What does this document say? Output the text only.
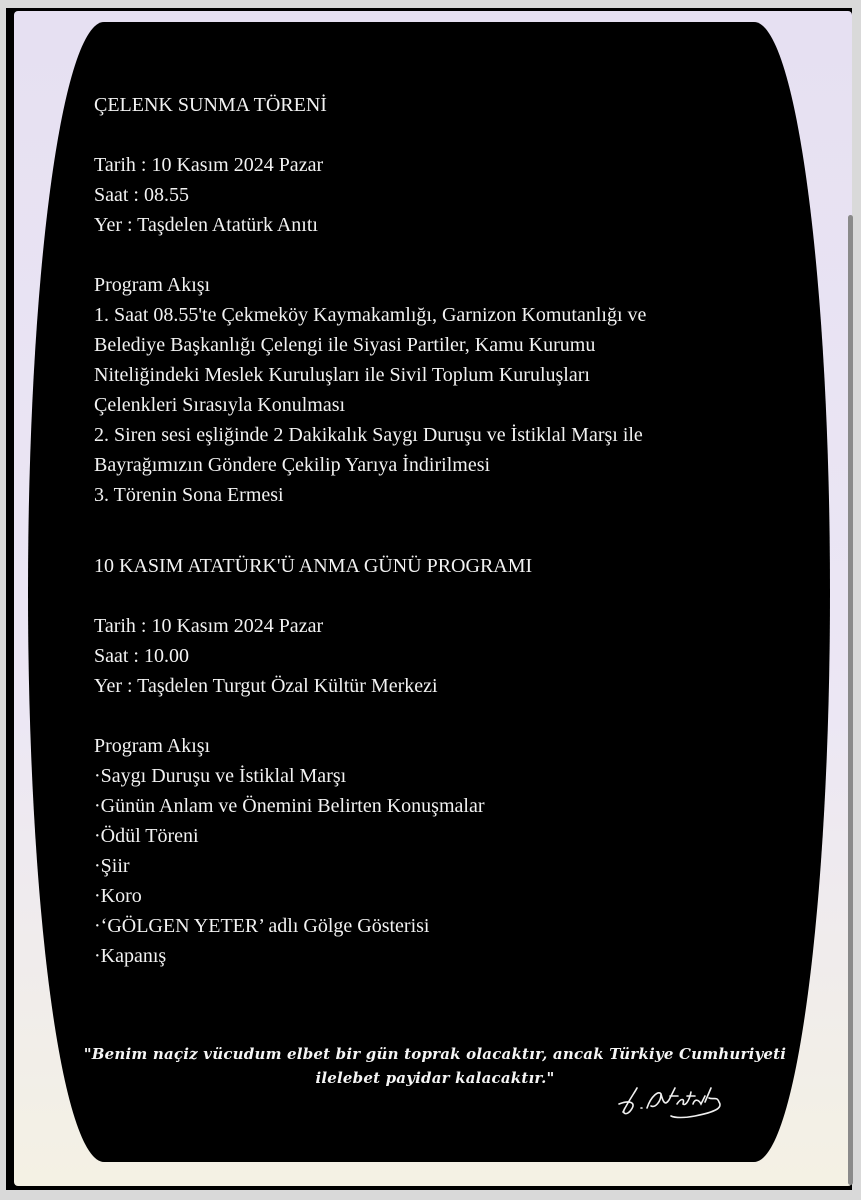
ÇELENK SUNMA TÖRENİ
Tarih : 10 Kasım 2024 Pazar
Saat : 08.55
Yer : Taşdelen Atatürk Anıtı
Program Akışı
1. Saat 08.55'te Çekmeköy Kaymakamlığı, Garnizon Komutanlığı ve
Belediye Başkanlığı Çelengi ile Siyasi Partiler, Kamu Kurumu
Niteliğindeki Meslek Kuruluşları ile Sivil Toplum Kuruluşları
Çelenkleri Sırasıyla Konulması
2. Siren sesi eşliğinde 2 Dakikalık Saygı Duruşu ve İstiklal Marşı ile
Bayrağımızın Göndere Çekilip Yarıya İndirilmesi
3. Törenin Sona Ermesi
10 KASIM ATATÜRK'Ü ANMA GÜNÜ PROGRAMI
Tarih : 10 Kasım 2024 Pazar
Saat : 10.00
Yer : Taşdelen Turgut Özal Kültür Merkezi
Program Akışı
·Saygı Duruşu ve İstiklal Marşı
·Günün Anlam ve Önemini Belirten Konuşmalar
·Ödül Töreni
·Şiir
·Koro
·‘GÖLGEN YETER’ adlı Gölge Gösterisi
·Kapanış
"Benim naçiz vücudum elbet bir gün toprak olacaktır, ancak Türkiye Cumhuriyeti
ilelebet payidar kalacaktır."
